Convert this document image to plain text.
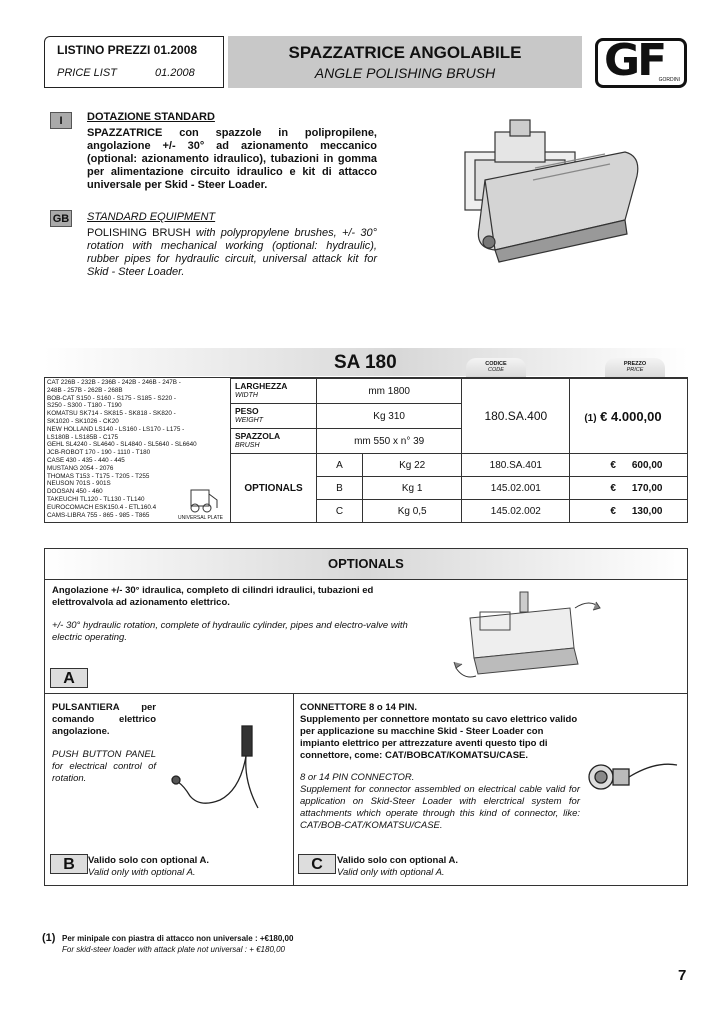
LISTINO PREZZI 01.2008
PRICE LIST	01.2008
SPAZZATRICE ANGOLABILE
ANGLE POLISHING BRUSH	GF
GORDINI
I	DOTAZIONE STANDARD
SPAZZATRICE con spazzole in polipropilene, angolazione +/- 30° ad azionamento meccanico (optional: azionamento idraulico), tubazioni in gomma per alimentazione circuito idraulico e kit di attacco universale per Skid - Steer Loader.
GB STANDARD EQUIPMENT
POLISHING BRUSH with polypropylene brushes, +/- 30° rotation with mechanical working (optional: hydraulic), rubber pipes for hydraulic circuit, universal attack kit for Skid - Steer Loader.
SA 180	CODICE
CODE
PREZZO
PRICE
CAT 226B - 232B - 236B - 242B - 246B - 247B -
248B - 257B - 262B - 268B
BOB-CAT S150 - S160 - S175 - S185 - S220 -
S250 - S300 - T180 - T190
KOMATSU SK714 - SK815 - SK818 - SK820 -
SK1020 - SK1026 - CK20
NEW HOLLAND LS140 - LS160 - LS170 - L175 -
LS180B - LS185B - C175
GEHL SL4240 - SL4640 - SL4840 - SL5640 - SL6640
JCB-ROBOT 170 - 190 - 1110 - T180
CASE 430 - 435 - 440 - 445
MUSTANG 2054 - 2076
THOMAS T153 - T175 - T205 - T255
NEUSON 701S - 901S
DOOSAN 450 - 460
TAKEUCHI TL120 - TL130 - TL140
EUROCOMACH ESK150.4 - ETL160.4
CAMS-LIBRA 755 - 865 - 985 - T865	UNIVERSAL PLATE
LARGHEZZA
WIDTH	mm 1800		180.SA.400	(1) € 4.000,00
PESO
WEIGHT	Kg 310			
SPAZZOLA
BRUSH	mm 550 x n° 39			
OPTIONALS	A	Kg 22	180.SA.401	€ 600,00
	B	Kg 1	145.02.001	€ 170,00
	C	Kg 0,5	145.02.002	€ 130,00
OPTIONALS
Angolazione +/- 30° idraulica, completo di cilindri idraulici, tubazioni ed elettrovalvola ad azionamento elettrico.
+/- 30° hydraulic rotation, complete of hydraulic cylinder, pipes and electro-valve with electric operating.
A
PULSANTIERA per comando elettrico angolazione.
PUSH BUTTON PANEL for electrical control of rotation.
B	Valido solo con optional A.
Valid only with optional A.
CONNETTORE 8 o 14 PIN.
Supplemento per connettore montato su cavo elettrico valido per applicazione su macchine Skid - Steer Loader con impianto elettrico per attrezzature aventi questo tipo di connettore, come: CAT/BOBCAT/KOMATSU/CASE.
8 or 14 PIN CONNECTOR.
Supplement for connector assembled on electrical cable valid for application on Skid-Steer Loader with elerctrical system for attachments which operate through this kind of connector, like: CAT/BOB-CAT/KOMATSU/CASE.
C	Valido solo con optional A.
Valid only with optional A.
(1) Per minipale con piastra di attacco non universale : +€180,00
For skid-steer loader with attack plate not universal : + €180,00
7
